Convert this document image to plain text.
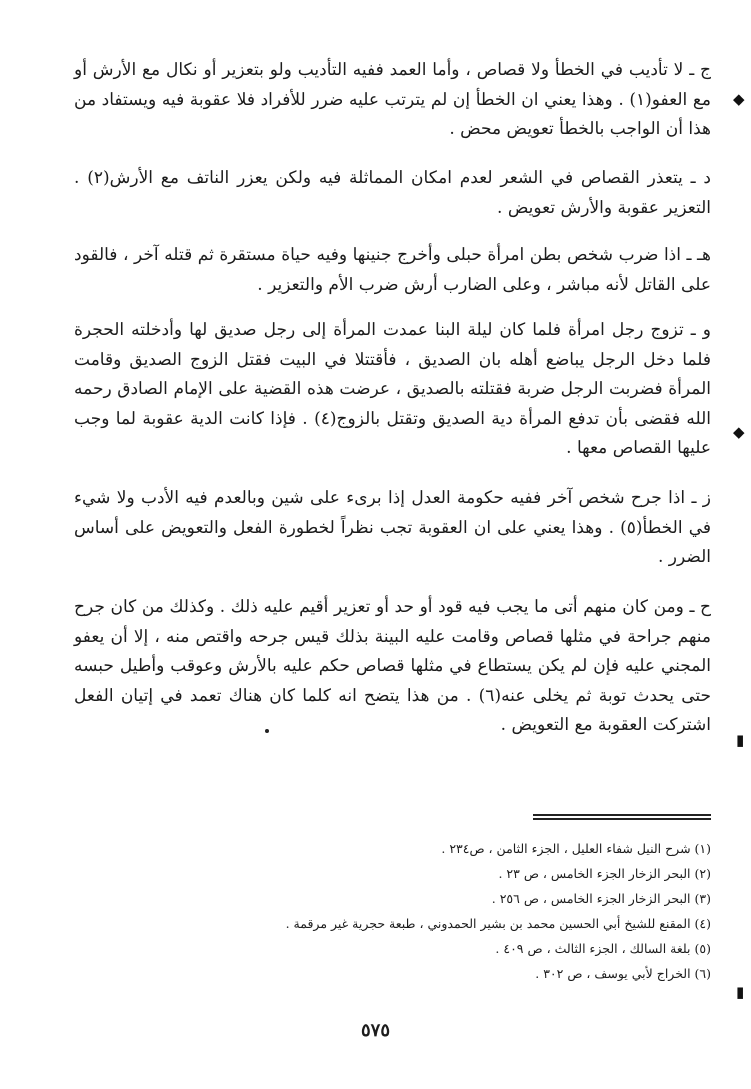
ج ـ لا تأديب في الخطأ ولا قصاص ، وأما العمد ففيه التأديب ولو بتعزير أو نكال مع الأرش أو مع العفو(١) . وهذا يعني ان الخطأ إن لم يترتب عليه ضرر للأفراد فلا عقوبة فيه ويستفاد من هذا أن الواجب بالخطأ تعويض محض .

د ـ يتعذر القصاص في الشعر لعدم امكان المماثلة فيه ولكن يعزر الناتف مع الأرش(٢) . التعزير عقوبة والأرش تعويض .

هـ ـ اذا ضرب شخص بطن امرأة حبلى وأخرج جنينها وفيه حياة مستقرة ثم قتله آخر ، فالقود على القاتل لأنه مباشر ، وعلى الضارب أرش ضرب الأم والتعزير .

و ـ تزوج رجل امرأة فلما كان ليلة البنا عمدت المرأة إلى رجل صديق لها وأدخلته الحجرة فلما دخل الرجل يباضع أهله بان الصديق ، فأقتتلا في البيت فقتل الزوج الصديق وقامت المرأة فضربت الرجل ضربة فقتلته بالصديق ، عرضت هذه القضية على الإمام الصادق رحمه الله فقضى بأن تدفع المرأة دية الصديق وتقتل بالزوج(٤) . فإذا كانت الدية عقوبة لما وجب عليها القصاص معها .

ز ـ اذا جرح شخص آخر ففيه حكومة العدل إذا برىء على شين وبالعدم فيه الأدب ولا شيء في الخطأ(٥) . وهذا يعني على ان العقوبة تجب نظراً لخطورة الفعل والتعويض على أساس الضرر .

ح ـ ومن كان منهم أتى ما يجب فيه قود أو حد أو تعزير أقيم عليه ذلك . وكذلك من كان جرح منهم جراحة في مثلها قصاص وقامت عليه البينة بذلك قيس جرحه واقتص منه ، إلا أن يعفو المجني عليه فإن لم يكن يستطاع في مثلها قصاص حكم عليه بالأرش وعوقب وأطيل حبسه حتى يحدث توبة ثم يخلى عنه(٦) . من هذا يتضح انه كلما كان هناك تعمد في إتيان الفعل اشتركت العقوبة مع التعويض .

(١) شرح النيل شفاء العليل ، الجزء الثامن ، ص٢٣٤ .
(٢) البحر الزخار الجزء الخامس ، ص ٢٣ .
(٣) البحر الزخار الجزء الخامس ، ص ٢٥٦ .
(٤) المقنع للشيخ أبي الحسين محمد بن بشير الحمدوني ، طبعة حجرية غير مرقمة .
(٥) بلغة السالك ، الجزء الثالث ، ص ٤٠٩ .
(٦) الخراج لأبي يوسف ، ص ٣٠٢ .
٥٧٥
◆
◆
▮
▮
